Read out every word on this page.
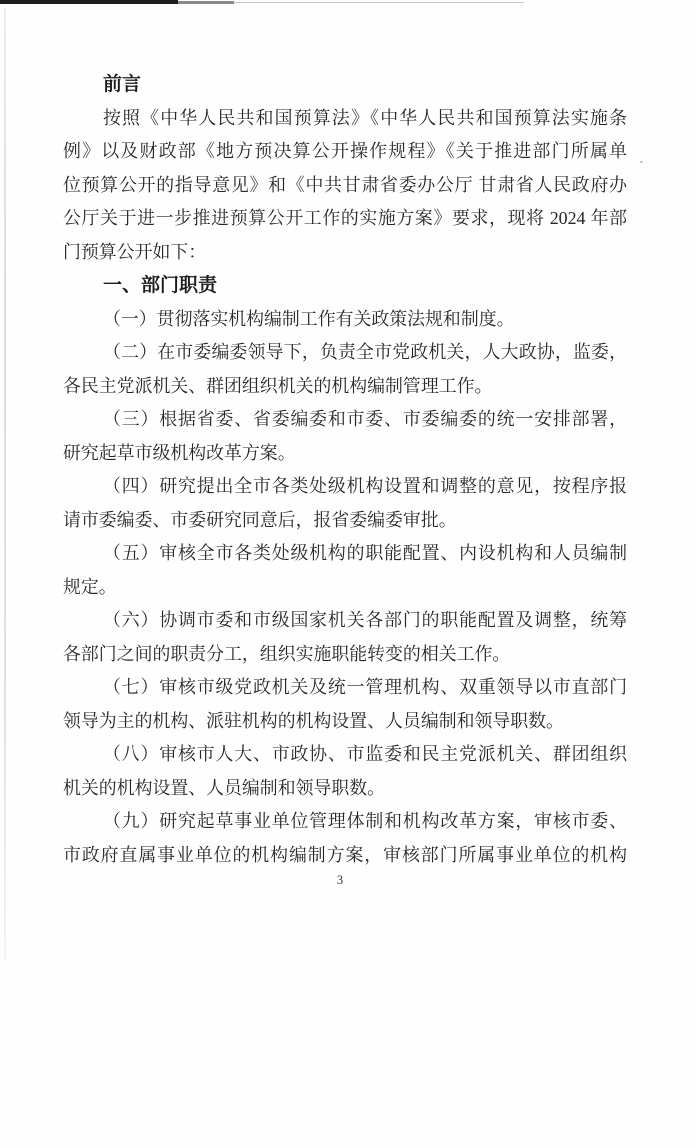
前言
按照《中华人民共和国预算法》《中华人民共和国预算法实施条
例》以及财政部《地方预决算公开操作规程》《关于推进部门所属单
位预算公开的指导意见》和《中共甘肃省委办公厅 甘肃省人民政府办
公厅关于进一步推进预算公开工作的实施方案》要求，现将 2024 年部
门预算公开如下：
一、部门职责
（一）贯彻落实机构编制工作有关政策法规和制度。
（二）在市委编委领导下，负责全市党政机关，人大政协，监委，
各民主党派机关、群团组织机关的机构编制管理工作。
（三）根据省委、省委编委和市委、市委编委的统一安排部署，
研究起草市级机构改革方案。
（四）研究提出全市各类处级机构设置和调整的意见，按程序报
请市委编委、市委研究同意后，报省委编委审批。
（五）审核全市各类处级机构的职能配置、内设机构和人员编制
规定。
（六）协调市委和市级国家机关各部门的职能配置及调整，统筹
各部门之间的职责分工，组织实施职能转变的相关工作。
（七）审核市级党政机关及统一管理机构、双重领导以市直部门
领导为主的机构、派驻机构的机构设置、人员编制和领导职数。
（八）审核市人大、市政协、市监委和民主党派机关、群团组织
机关的机构设置、人员编制和领导职数。
（九）研究起草事业单位管理体制和机构改革方案，审核市委、
市政府直属事业单位的机构编制方案，审核部门所属事业单位的机构
3
